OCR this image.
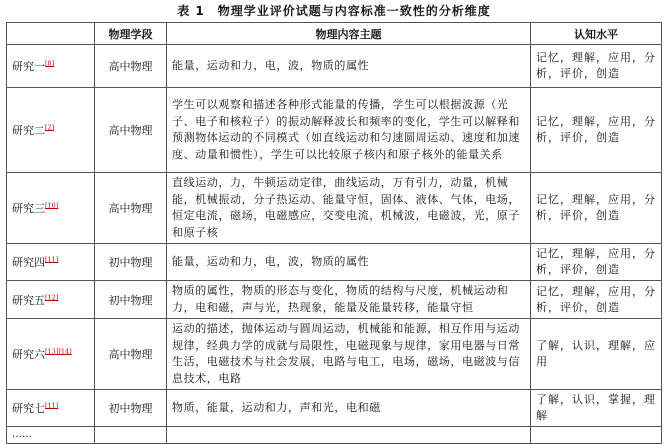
表 1　物理学业评价试题与内容标准一致性的分析维度
	物理学段	物理内容主题	认知水平
研究一[8]	高中物理	能量，运动和力，电，波，物质的属性	记忆，理解，应用，分析，评价，创造
研究二[2]	高中物理	学生可以观察和描述各种形式能量的传播，学生可以根据波源（光子、电子和核粒子）的振动解释波长和频率的变化，学生可以解释和预测物体运动的不同模式（如直线运动和匀速圆周运动、速度和加速度、动量和惯性），学生可以比较原子核内和原子核外的能量关系	记忆，理解，应用，分析，评价，创造
研究三[10]	高中物理	直线运动，力，牛顿运动定律，曲线运动，万有引力，动量，机械能，机械振动，分子热运动、能量守恒，固体、液体、气体，电场，恒定电流，磁场，电磁感应，交变电流，机械波，电磁波，光，原子和原子核	记忆，理解，应用，分析，评价，创造
研究四[11]	初中物理	能量，运动和力，电，波，物质的属性	记忆，理解，应用，分析，评价，创造
研究五[12]	初中物理	物质的属性，物质的形态与变化，物质的结构与尺度，机械运动和力，电和磁，声与光，热现象，能量及能量转移，能量守恒	记忆，理解，应用，分析，评价，创造
研究六[13][14]	高中物理	运动的描述，抛体运动与圆周运动，机械能和能源，相互作用与运动规律，经典力学的成就与局限性，电磁现象与规律，家用电器与日常生活，电磁技术与社会发展，电路与电工，电场，磁场，电磁波与信息技术，电路	了解，认识，理解，应用
研究七[11]	初中物理	物质，能量，运动和力，声和光，电和磁	了解，认识，掌握，理解
……			
